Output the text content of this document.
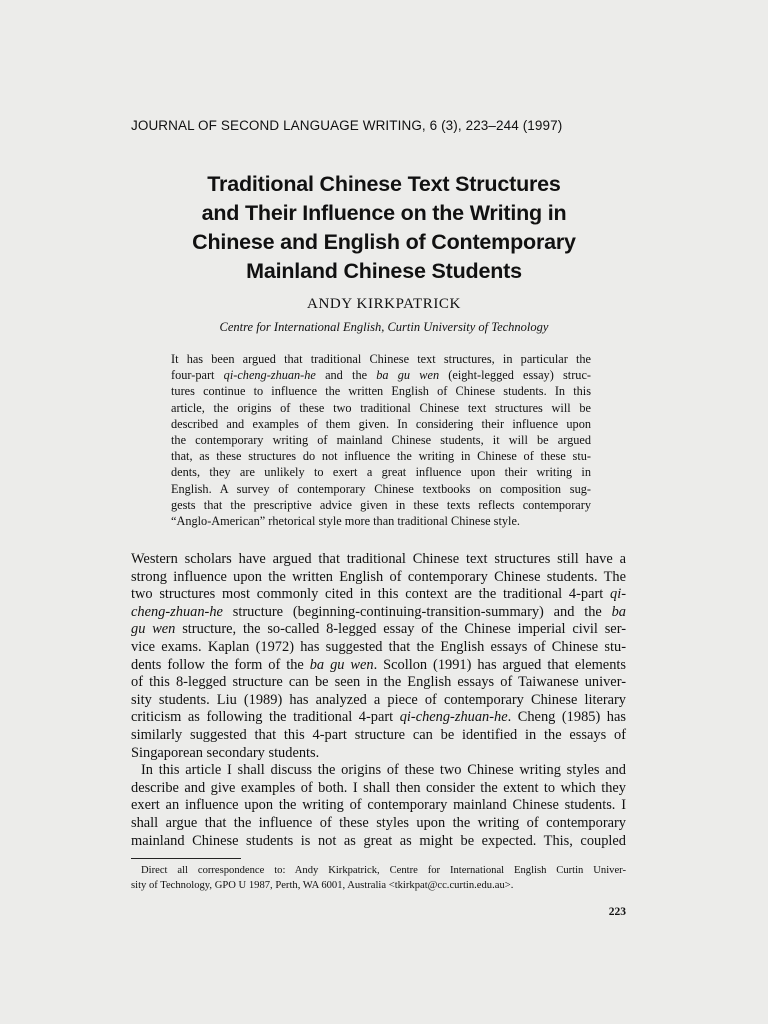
JOURNAL OF SECOND LANGUAGE WRITING, 6 (3), 223–244 (1997)
Traditional Chinese Text Structures
and Their Influence on the Writing in
Chinese and English of Contemporary
Mainland Chinese Students
ANDY KIRKPATRICK
Centre for International English, Curtin University of Technology
It has been argued that traditional Chinese text structures, in particular the
four-part qi-cheng-zhuan-he and the ba gu wen (eight-legged essay) struc-
tures continue to influence the written English of Chinese students. In this
article, the origins of these two traditional Chinese text structures will be
described and examples of them given. In considering their influence upon
the contemporary writing of mainland Chinese students, it will be argued
that, as these structures do not influence the writing in Chinese of these stu-
dents, they are unlikely to exert a great influence upon their writing in
English. A survey of contemporary Chinese textbooks on composition sug-
gests that the prescriptive advice given in these texts reflects contemporary
“Anglo-American” rhetorical style more than traditional Chinese style.
Western scholars have argued that traditional Chinese text structures still have a
strong influence upon the written English of contemporary Chinese students. The
two structures most commonly cited in this context are the traditional 4-part qi-
cheng-zhuan-he structure (beginning-continuing-transition-summary) and the ba
gu wen structure, the so-called 8-legged essay of the Chinese imperial civil ser-
vice exams. Kaplan (1972) has suggested that the English essays of Chinese stu-
dents follow the form of the ba gu wen. Scollon (1991) has argued that elements
of this 8-legged structure can be seen in the English essays of Taiwanese univer-
sity students. Liu (1989) has analyzed a piece of contemporary Chinese literary
criticism as following the traditional 4-part qi-cheng-zhuan-he. Cheng (1985) has
similarly suggested that this 4-part structure can be identified in the essays of
Singaporean secondary students.
In this article I shall discuss the origins of these two Chinese writing styles and
describe and give examples of both. I shall then consider the extent to which they
exert an influence upon the writing of contemporary mainland Chinese students. I
shall argue that the influence of these styles upon the writing of contemporary
mainland Chinese students is not as great as might be expected. This, coupled
Direct all correspondence to: Andy Kirkpatrick, Centre for International English Curtin Univer-
sity of Technology, GPO U 1987, Perth, WA 6001, Australia <tkirkpat@cc.curtin.edu.au>.
223
